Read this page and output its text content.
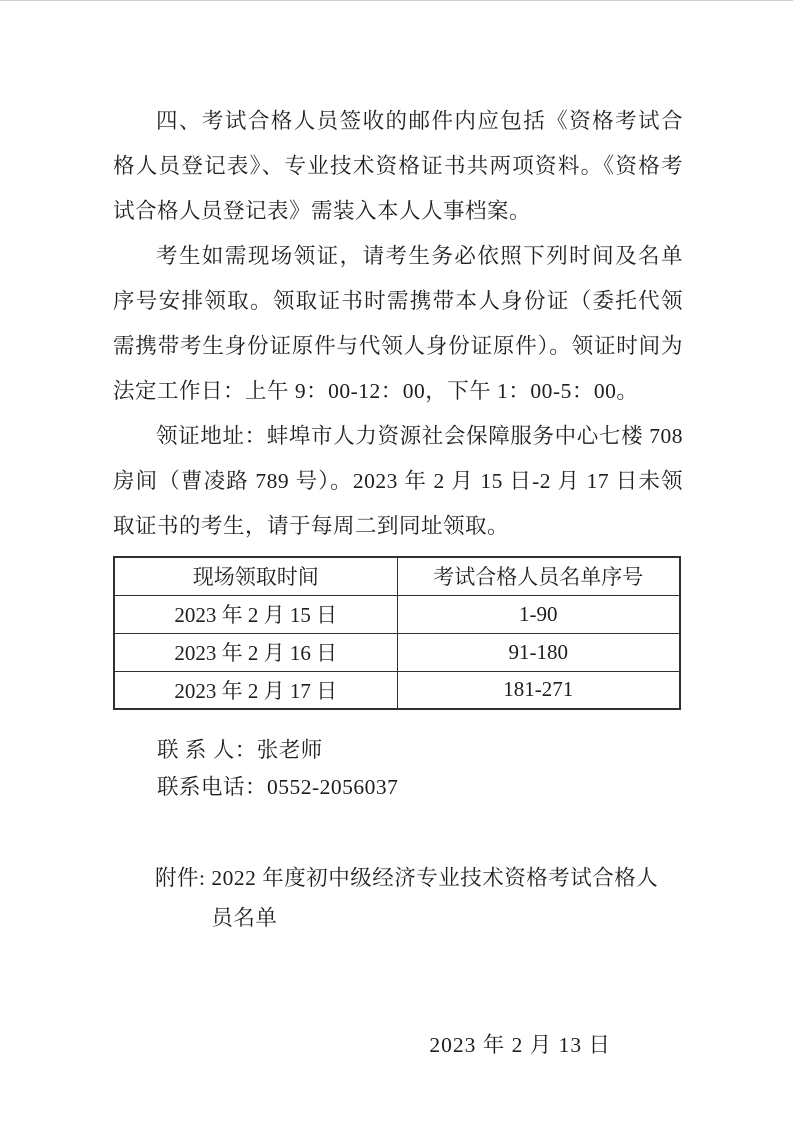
四、考试合格人员签收的邮件内应包括《资格考试合格人员登记表》、专业技术资格证书共两项资料。《资格考试合格人员登记表》需装入本人人事档案。

考生如需现场领证，请考生务必依照下列时间及名单序号安排领取。领取证书时需携带本人身份证（委托代领需携带考生身份证原件与代领人身份证原件）。领证时间为法定工作日：上午 9：00-12：00，下午 1：00-5：00。

领证地址：蚌埠市人力资源社会保障服务中心七楼 708 房间（曹凌路 789 号）。2023 年 2 月 15 日-2 月 17 日未领取证书的考生，请于每周二到同址领取。

现场领取时间	考试合格人员名单序号
2023 年 2 月 15 日	1-90
2023 年 2 月 16 日	91-180
2023 年 2 月 17 日	181-271
联 系 人：张老师
联系电话：0552-2056037
附件: 2022 年度初中级经济专业技术资格考试合格人员名单
2023 年 2 月 13 日
